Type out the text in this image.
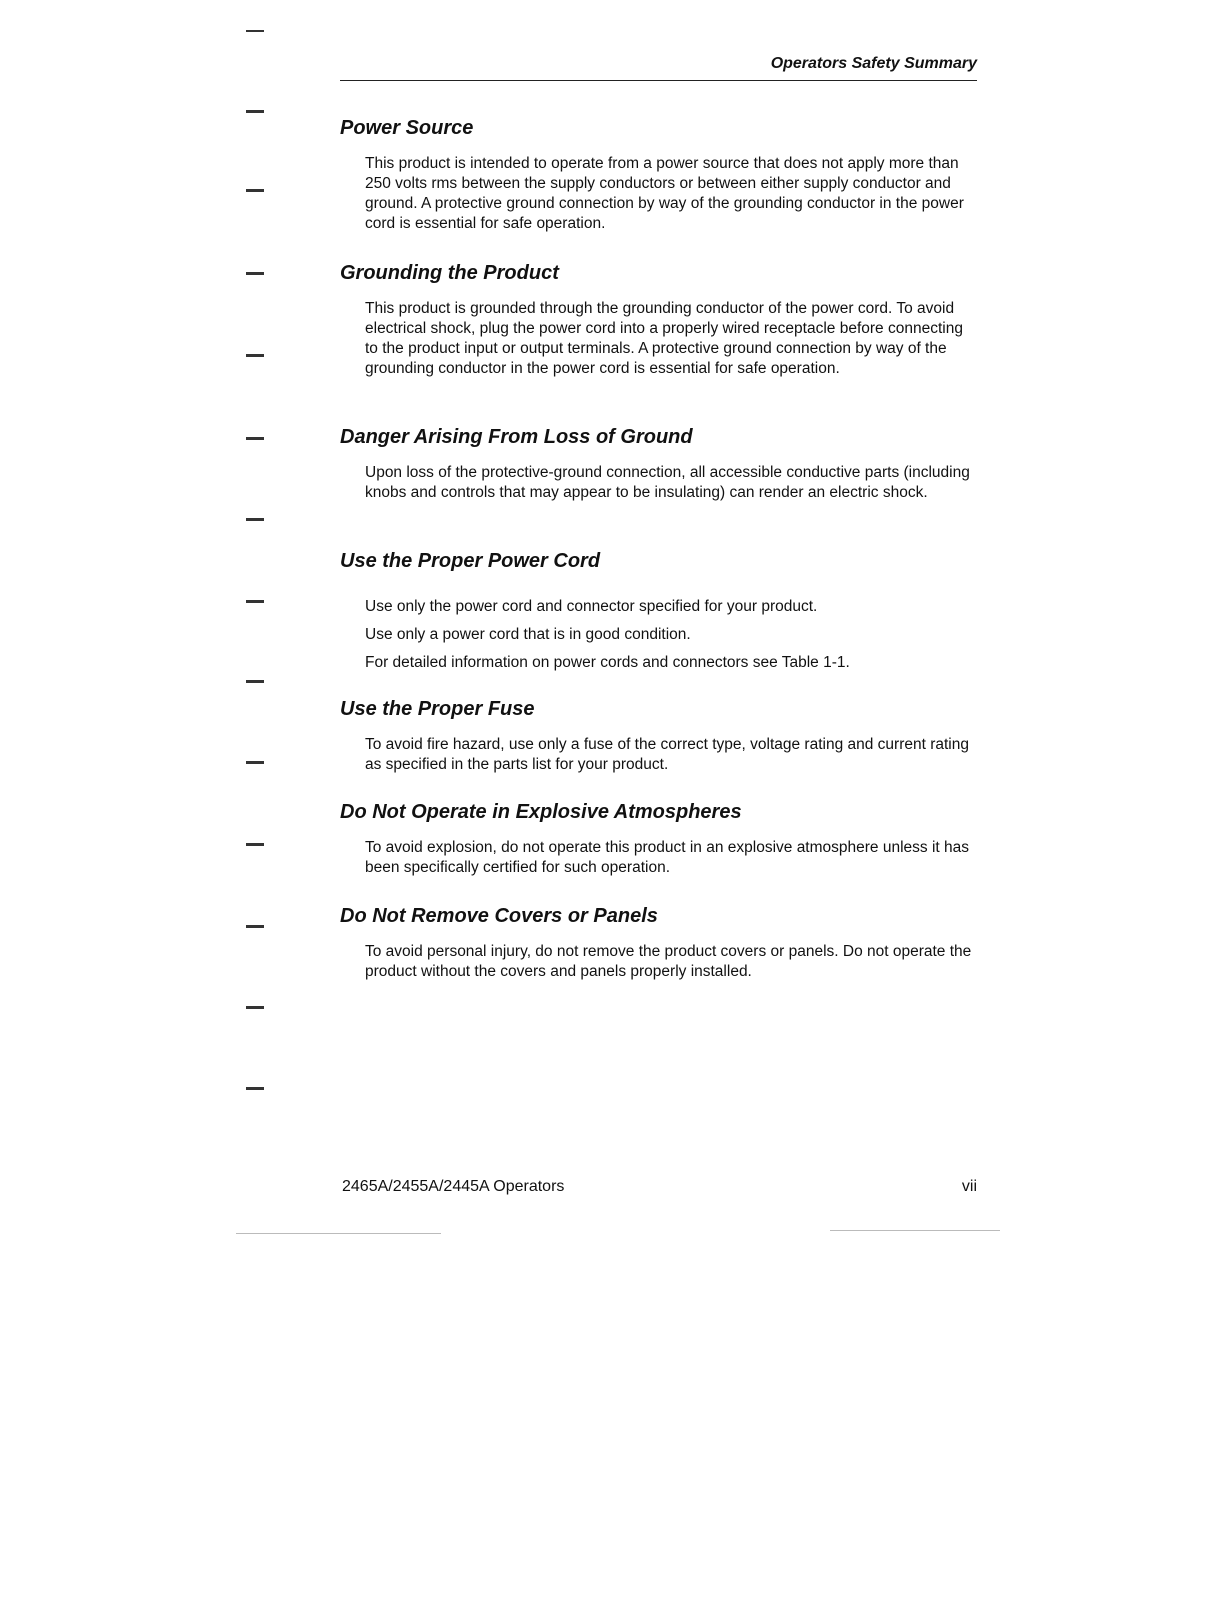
Operators Safety Summary
Power Source

This product is intended to operate from a power source that does not apply more than 250 volts rms between the supply conductors or between either supply conductor and ground. A protective ground connection by way of the grounding conductor in the power cord is essential for safe operation.

Grounding the Product

This product is grounded through the grounding conductor of the power cord. To avoid electrical shock, plug the power cord into a properly wired receptacle before connecting to the product input or output terminals. A protective ground connection by way of the grounding conductor in the power cord is essential for safe operation.

Danger Arising From Loss of Ground

Upon loss of the protective-ground connection, all accessible conductive parts (including knobs and controls that may appear to be insulating) can render an electric shock.

Use the Proper Power Cord

Use only the power cord and connector specified for your product.

Use only a power cord that is in good condition.

For detailed information on power cords and connectors see Table 1-1.

Use the Proper Fuse

To avoid fire hazard, use only a fuse of the correct type, voltage rating and current rating as specified in the parts list for your product.

Do Not Operate in Explosive Atmospheres

To avoid explosion, do not operate this product in an explosive atmosphere unless it has been specifically certified for such operation.

Do Not Remove Covers or Panels

To avoid personal injury, do not remove the product covers or panels. Do not operate the product without the covers and panels properly installed.

2465A/2455A/2445A Operators	vii
